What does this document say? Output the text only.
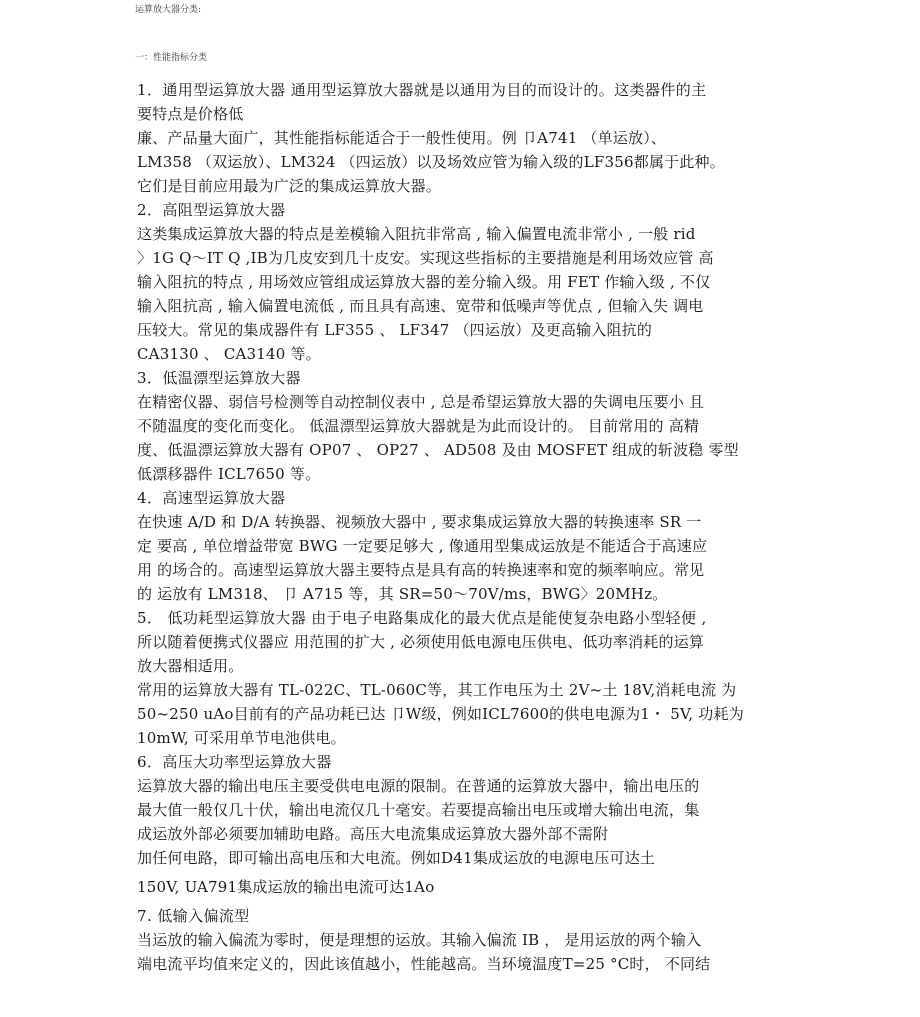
运算放大器分类:
一：性能指标分类
1．通用型运算放大器 通用型运算放大器就是以通用为目的而设计的。这类器件的主
要特点是价格低
廉、产品量大面广，其性能指标能适合于一般性使用。例 卩A741 （单运放）、
LM358 （双运放）、LM324 （四运放）以及场效应管为输入级的LF356都属于此种。
它们是目前应用最为广泛的集成运算放大器。
2．高阻型运算放大器
这类集成运算放大器的特点是差模输入阻抗非常高 , 输入偏置电流非常小 , 一般 rid
〉1G Q〜IT Q ,IB为几皮安到几十皮安。实现这些指标的主要措施是利用场效应管 高
输入阻抗的特点 , 用场效应管组成运算放大器的差分输入级。用 FET 作输入级 , 不仅
输入阻抗高 , 输入偏置电流低 , 而且具有高速、宽带和低噪声等优点 , 但输入失 调电
压较大。常见的集成器件有 LF355 、 LF347 （四运放）及更高输入阻抗的
CA3130 、 CA3140 等。
3．低温漂型运算放大器
在精密仪器、弱信号检测等自动控制仪表中 , 总是希望运算放大器的失调电压要小 且
不随温度的变化而变化。 低温漂型运算放大器就是为此而设计的。 目前常用的 高精
度、低温漂运算放大器有 OP07 、 OP27 、 AD508 及由 MOSFET 组成的斩波稳 零型
低漂移器件 ICL7650 等。
4．高速型运算放大器
在快速 A/D 和 D/A 转换器、视频放大器中 , 要求集成运算放大器的转换速率 SR 一
定 要高 , 单位增益带宽 BWG 一定要足够大 , 像通用型集成运放是不能适合于高速应
用 的场合的。高速型运算放大器主要特点是具有高的转换速率和宽的频率响应。常见
的 运放有 LM318、 卩 A715 等，其 SR=50〜70V/ms，BWG〉20MHz。
5． 低功耗型运算放大器 由于电子电路集成化的最大优点是能使复杂电路小型轻便 ,
所以随着便携式仪器应 用范围的扩大 , 必须使用低电源电压供电、低功率消耗的运算
放大器相适用。
常用的运算放大器有 TL-022C、TL-060C等，其工作电压为土 2V~土 18V,消耗电流 为
50~250 uAo目前有的产品功耗已达 卩W级，例如ICL7600的供电电源为1・ 5V, 功耗为
10mW, 可采用单节电池供电。
6．高压大功率型运算放大器
运算放大器的输出电压主要受供电电源的限制。在普通的运算放大器中，输出电压的
最大值一般仅几十伏，输出电流仅几十毫安。若要提高输出电压或增大输出电流，集
成运放外部必须要加辅助电路。高压大电流集成运算放大器外部不需附
加任何电路，即可输出高电压和大电流。例如D41集成运放的电源电压可达土
150V, UA791集成运放的输出电流可达1Ao
7. 低输入偏流型
当运放的输入偏流为零时，便是理想的运放。其输入偏流 IB ， 是用运放的两个输入
端电流平均值来定义的，因此该值越小，性能越高。当环境温度T=25 °C时， 不同结
